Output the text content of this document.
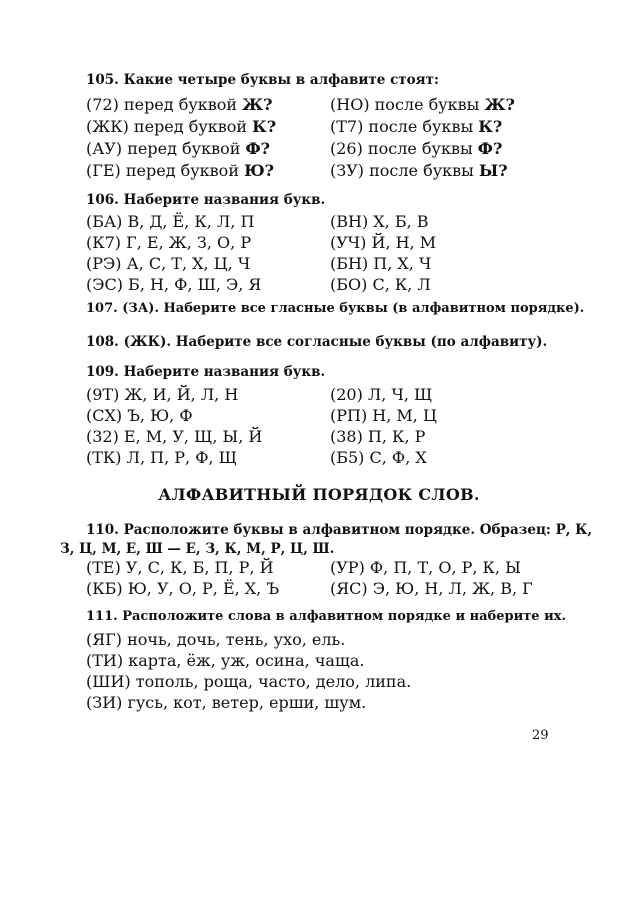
105. Какие четыре буквы в алфавите стоят:
(72) перед буквой Ж?	(НО) после буквы Ж?
(ЖК) перед буквой К?	(Т7) после буквы К?
(АУ) перед буквой Ф?	(26) после буквы Ф?
(ГЕ) перед буквой Ю?	(ЗУ) после буквы Ы?
106. Наберите названия букв.
(БА) В, Д, Ё, К, Л, П	(ВН) Х, Б, В
(К7) Г, Е, Ж, З, О, Р	(УЧ) Й, Н, М
(РЭ) А, С, Т, Х, Ц, Ч	(БН) П, Х, Ч
(ЭС) Б, Н, Ф, Ш, Э, Я	(БО) С, К, Л
107. (ЗА). Наберите все гласные буквы (в алфавитном порядке).
108. (ЖК). Наберите все согласные буквы (по алфавиту).
109. Наберите названия букв.
(9Т) Ж, И, Й, Л, Н	(20) Л, Ч, Щ
(СХ) Ъ, Ю, Ф	(РП) Н, М, Ц
(32) Е, М, У, Щ, Ы, Й	(38) П, К, Р
(ТК) Л, П, Р, Ф, Щ	(Б5) С, Ф, Х
АЛФАВИТНЫЙ ПОРЯДОК СЛОВ.
110. Расположите буквы в алфавитном порядке. Образец: Р, К,
З, Ц, М, Е, Ш — Е, З, К, М, Р, Ц, Ш.
(ТЕ) У, С, К, Б, П, Р, Й	(УР) Ф, П, Т, О, Р, К, Ы
(КБ) Ю, У, О, Р, Ё, Х, Ъ	(ЯС) Э, Ю, Н, Л, Ж, В, Г
111. Расположите слова в алфавитном порядке и наберите их.
(ЯГ) ночь, дочь, тень, ухо, ель.
(ТИ) карта, ёж, уж, осина, чаща.
(ШИ) тополь, роща, часто, дело, липа.
(ЗИ) гусь, кот, ветер, ерши, шум.
29
